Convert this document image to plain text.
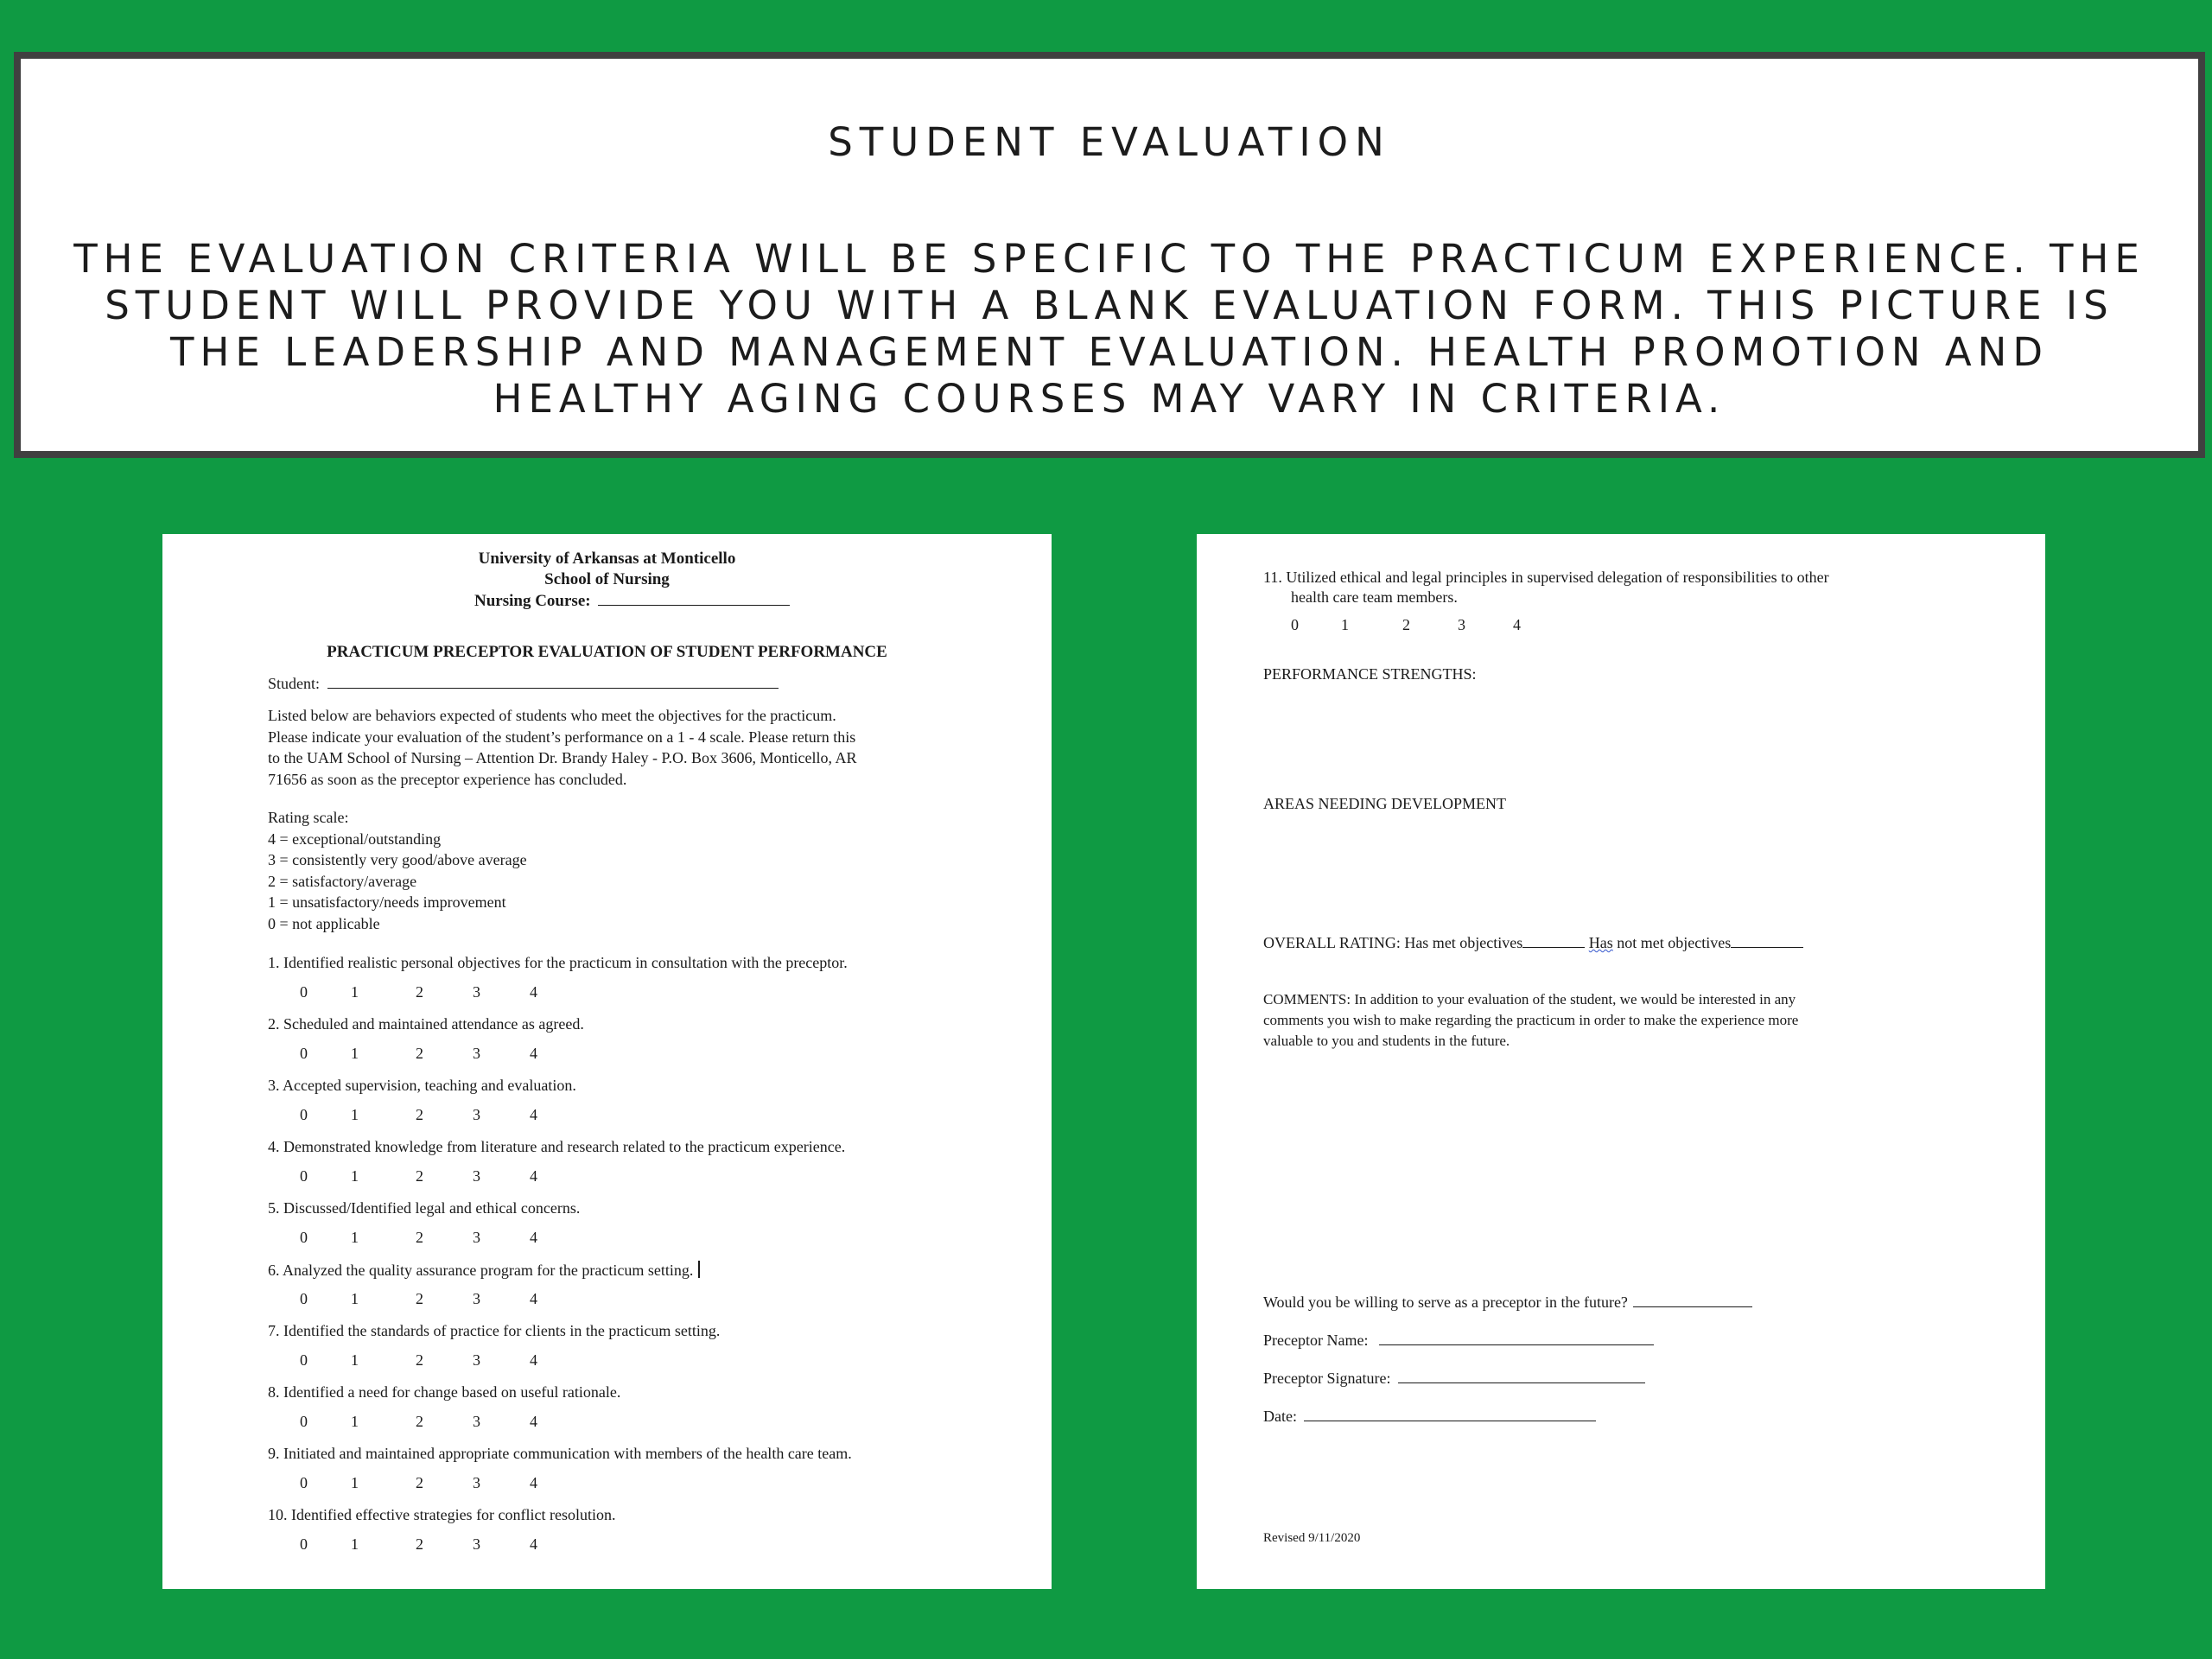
STUDENT EVALUATION
THE EVALUATION CRITERIA WILL BE SPECIFIC TO THE PRACTICUM EXPERIENCE. THE STUDENT WILL PROVIDE YOU WITH A BLANK EVALUATION FORM. THIS PICTURE IS THE LEADERSHIP AND MANAGEMENT EVALUATION. HEALTH PROMOTION AND HEALTHY AGING COURSES MAY VARY IN CRITERIA.
University of Arkansas at Monticello
School of Nursing
Nursing Course:
PRACTICUM PRECEPTOR EVALUATION OF STUDENT PERFORMANCE
Student:
Listed below are behaviors expected of students who meet the objectives for the practicum.
Please indicate your evaluation of the student’s performance on a 1 - 4 scale. Please return this
to the UAM School of Nursing – Attention Dr. Brandy Haley - P.O. Box 3606, Monticello, AR
71656 as soon as the preceptor experience has concluded.
Rating scale:
4 = exceptional/outstanding
3 = consistently very good/above average
2 = satisfactory/average
1 = unsatisfactory/needs improvement
0 = not applicable
1. Identified realistic personal objectives for the practicum in consultation with the preceptor.
0	1	2	3	4
2. Scheduled and maintained attendance as agreed.
0	1	2	3	4
3. Accepted supervision, teaching and evaluation.
0	1	2	3	4
4. Demonstrated knowledge from literature and research related to the practicum experience.
0	1	2	3	4
5. Discussed/Identified legal and ethical concerns.
0	1	2	3	4
6. Analyzed the quality assurance program for the practicum setting.
0	1	2	3	4
7. Identified the standards of practice for clients in the practicum setting.
0	1	2	3	4
8. Identified a need for change based on useful rationale.
0	1	2	3	4
9. Initiated and maintained appropriate communication with members of the health care team.
0	1	2	3	4
10. Identified effective strategies for conflict resolution.
0	1	2	3	4
11. Utilized ethical and legal principles in supervised delegation of responsibilities to other
health care team members.
0	1	2	3	4
PERFORMANCE STRENGTHS:
AREAS NEEDING DEVELOPMENT
OVERALL RATING: Has met objectives	Has not met objectives
COMMENTS: In addition to your evaluation of the student, we would be interested in any
comments you wish to make regarding the practicum in order to make the experience more
valuable to you and students in the future.
Would you be willing to serve as a preceptor in the future?
Preceptor Name:
Preceptor Signature:
Date:
Revised 9/11/2020
